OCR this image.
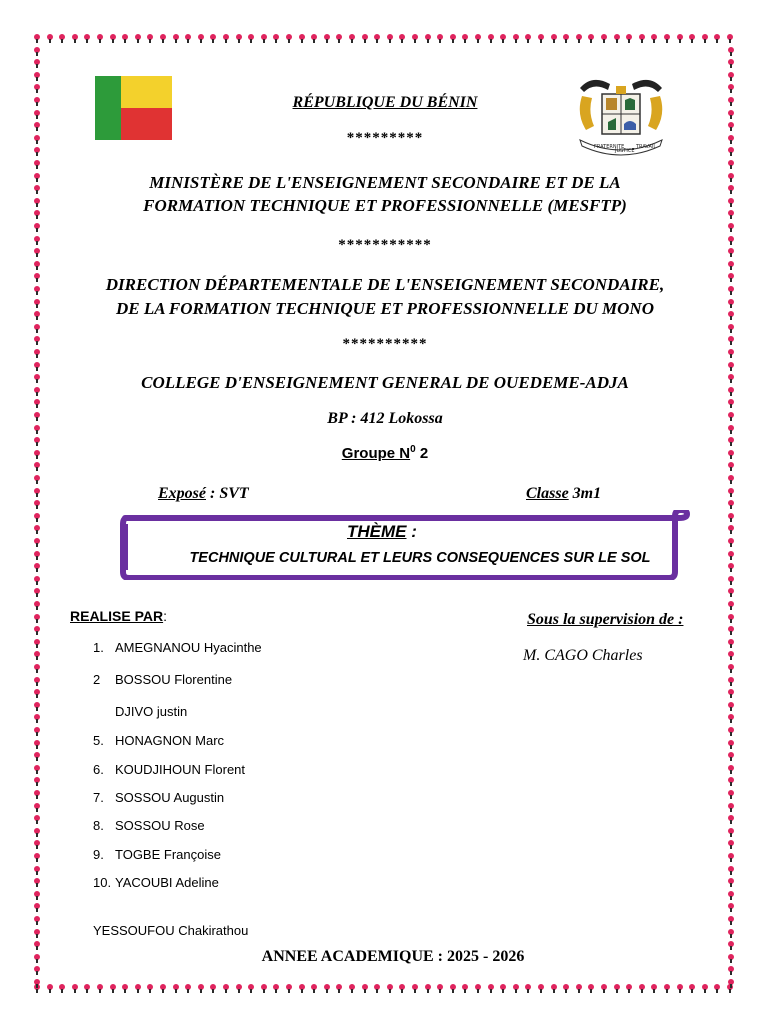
FRATERNITE
JUSTICE
TRAVAIL
RÉPUBLIQUE DU BÉNIN
*********
MINISTÈRE DE L'ENSEIGNEMENT SECONDAIRE ET DE LA
FORMATION TECHNIQUE ET PROFESSIONNELLE (MESFTP)
***********
DIRECTION DÉPARTEMENTALE DE L'ENSEIGNEMENT SECONDAIRE,
DE LA FORMATION TECHNIQUE ET PROFESSIONNELLE DU MONO
**********
COLLEGE D'ENSEIGNEMENT GENERAL DE OUEDEME-ADJA
BP : 412 Lokossa
Groupe $N^0$ 2
Exposé : SVT	Classe 3m1
THÈME :
TECHNIQUE CULTURAL ET LEURS CONSEQUENCES SUR LE SOL
REALISE PAR:
1. AMEGNANOU Hyacinthe
2 BOSSOU Florentine
DJIVO justin
5. HONAGNON Marc
6. KOUDJIHOUN Florent
7. SOSSOU Augustin
8. SOSSOU Rose
9. TOGBE Françoise
10. YACOUBI Adeline
YESSOUFOU Chakirathou
Sous la supervision de :
M. CAGO Charles
ANNEE ACADEMIQUE : 2025 - 2026
